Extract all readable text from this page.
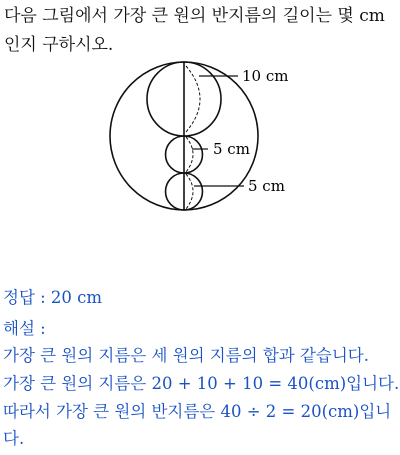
다음 그림에서 가장 큰 원의 반지름의 길이는 몇 cm 인지 구하시오.
10 cm
5 cm
5 cm
정답 : 20 cm
해설 :
가장 큰 원의 지름은 세 원의 지름의 합과 같습니다.
가장 큰 원의 지름은 20 + 10 + 10 = 40(cm)입니다.
따라서 가장 큰 원의 반지름은 40 ÷ 2 = 20(cm)입니
다.
